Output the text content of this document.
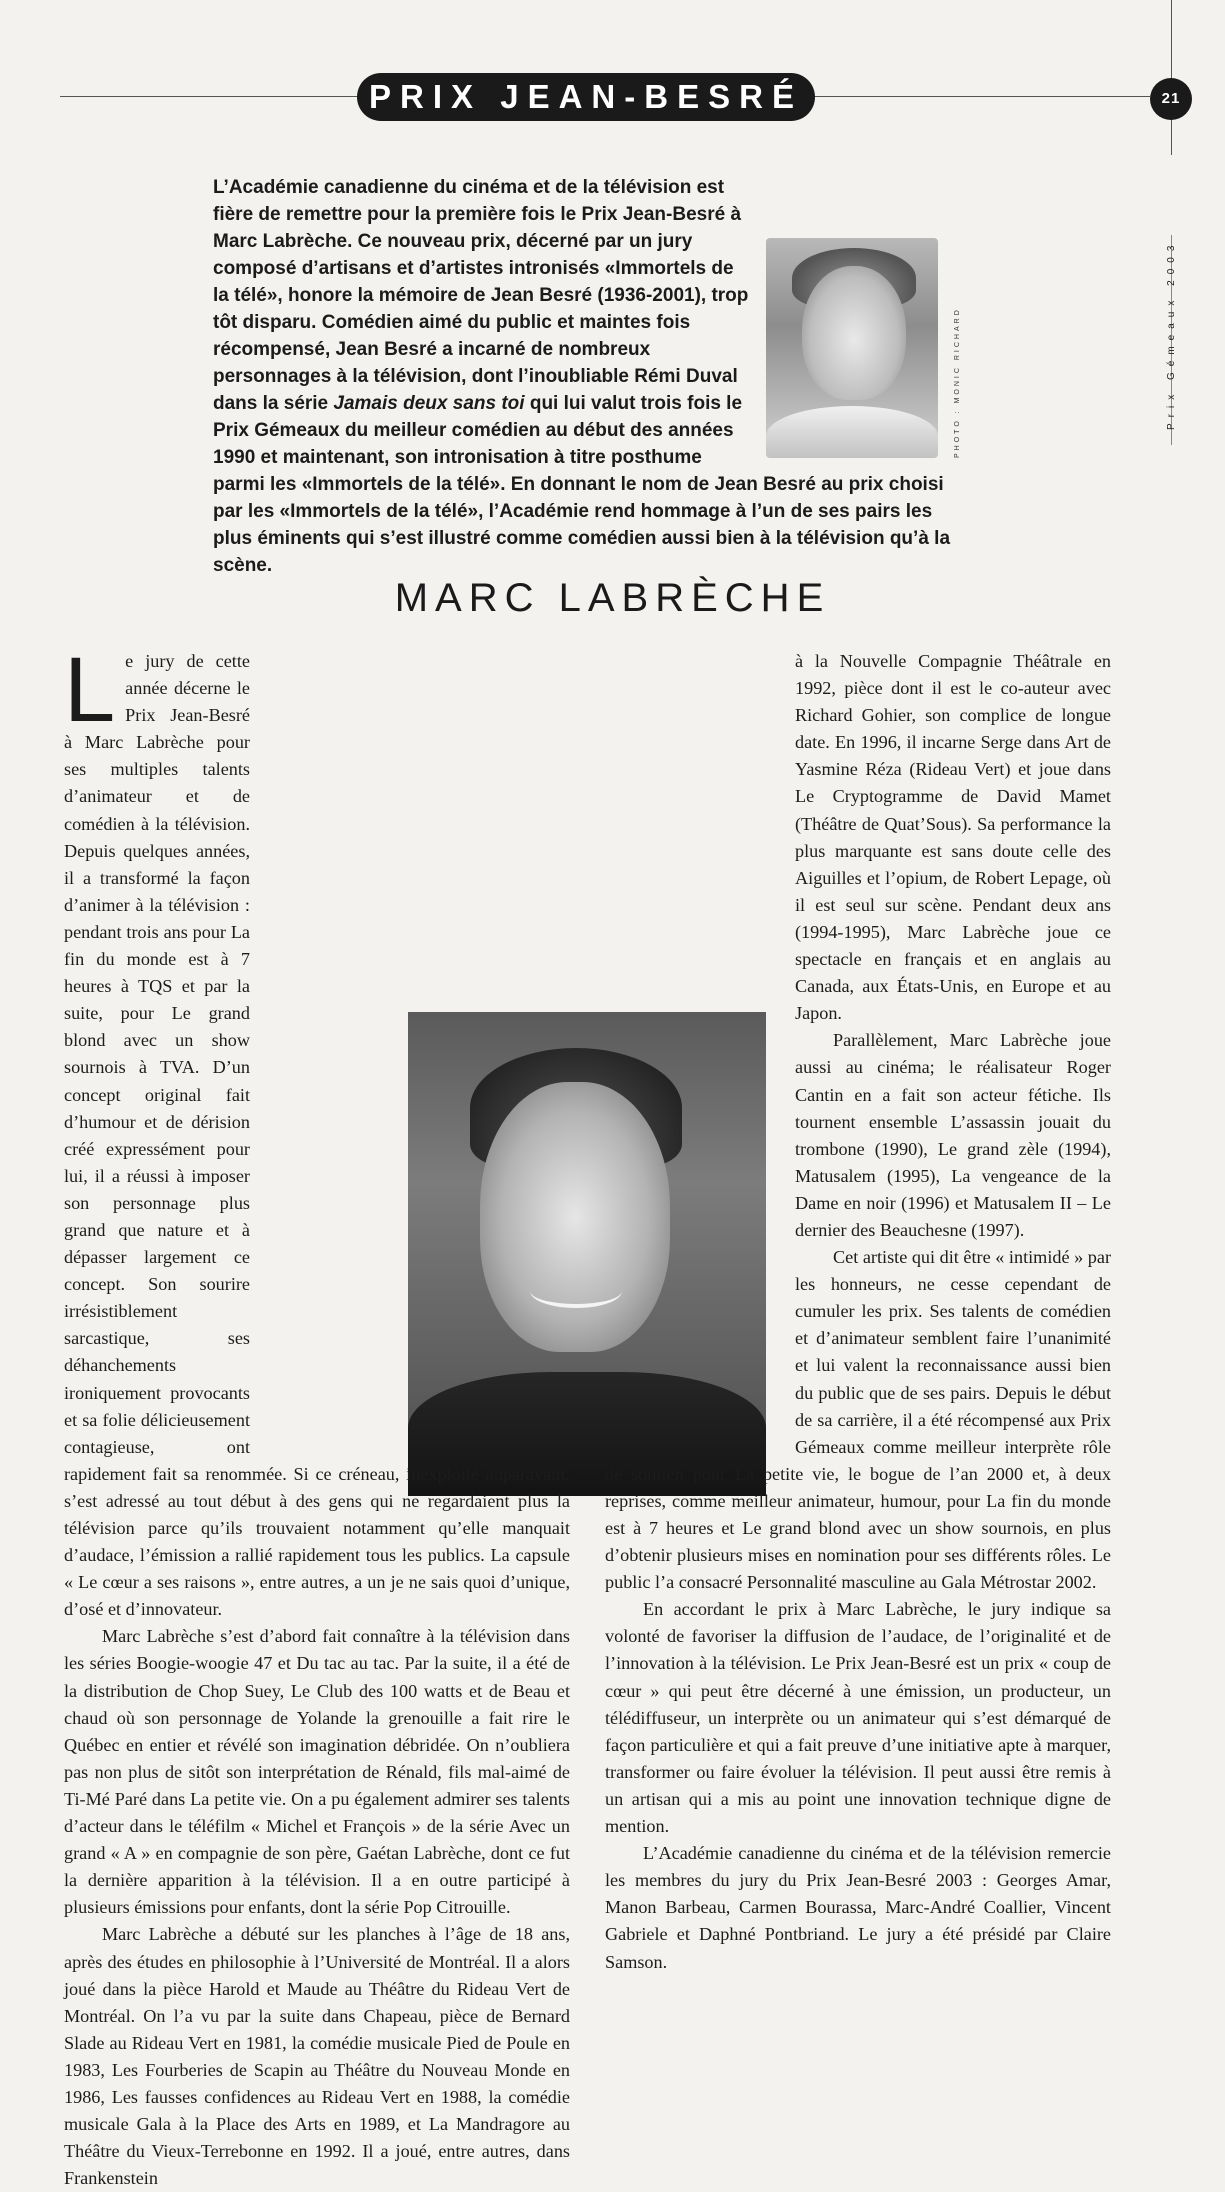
PRIX JEAN-BESRÉ	21
Prix Gémeaux 2003
PHOTO : MONIC RICHARD
L’Académie canadienne du cinéma et de la télévision est fière de remettre pour la première fois le Prix Jean-Besré à Marc Labrèche. Ce nouveau prix, décerné par un jury composé d’artisans et d’artistes intronisés «Immortels de la télé», honore la mémoire de Jean Besré (1936-2001), trop tôt disparu. Comédien aimé du public et maintes fois récompensé, Jean Besré a incarné de nombreux personnages à la télévision, dont l’inoubliable Rémi Duval dans la série Jamais deux sans toi qui lui valut trois fois le Prix Gémeaux du meilleur comédien au début des années 1990 et maintenant, son intronisation à titre posthume parmi les «Immortels de la télé». En donnant le nom de Jean Besré au prix choisi par les «Immortels de la télé», l’Académie rend hommage à l’un de ses pairs les plus éminents qui s’est illustré comme comédien aussi bien à la télévision qu’à la scène.
MARC LABRÈCHE

Le jury de cette année décerne le Prix Jean-Besré à Marc Labrèche pour ses multiples talents d’animateur et de comédien à la télévision. Depuis quelques années, il a transformé la façon d’animer à la télévision : pendant trois ans pour La fin du monde est à 7 heures à TQS et par la suite, pour Le grand blond avec un show sournois à TVA. D’un concept original fait d’humour et de dérision créé expressément pour lui, il a réussi à imposer son personnage plus grand que nature et à dépasser largement ce concept. Son sourire irrésistiblement sarcastique, ses déhanchements ironiquement provocants et sa folie délicieusement contagieuse, ont rapidement fait sa renommée. Si ce créneau, inexploité auparavant, s’est adressé au tout début à des gens qui ne regardaient plus la télévision parce qu’ils trouvaient notamment qu’elle manquait d’audace, l’émission a rallié rapidement tous les publics. La capsule « Le cœur a ses raisons », entre autres, a un je ne sais quoi d’unique, d’osé et d’innovateur.

Marc Labrèche s’est d’abord fait connaître à la télévision dans les séries Boogie-woogie 47 et Du tac au tac. Par la suite, il a été de la distribution de Chop Suey, Le Club des 100 watts et de Beau et chaud où son personnage de Yolande la grenouille a fait rire le Québec en entier et révélé son imagination débridée. On n’oubliera pas non plus de sitôt son interprétation de Rénald, fils mal-aimé de Ti-Mé Paré dans La petite vie. On a pu également admirer ses talents d’acteur dans le téléfilm « Michel et François » de la série Avec un grand « A » en compagnie de son père, Gaétan Labrèche, dont ce fut la dernière apparition à la télévision. Il a en outre participé à plusieurs émissions pour enfants, dont la série Pop Citrouille.

Marc Labrèche a débuté sur les planches à l’âge de 18 ans, après des études en philosophie à l’Université de Montréal. Il a alors joué dans la pièce Harold et Maude au Théâtre du Rideau Vert de Montréal. On l’a vu par la suite dans Chapeau, pièce de Bernard Slade au Rideau Vert en 1981, la comédie musicale Pied de Poule en 1983, Les Fourberies de Scapin au Théâtre du Nouveau Monde en 1986, Les fausses confidences au Rideau Vert en 1988, la comédie musicale Gala à la Place des Arts en 1989, et La Mandragore au Théâtre du Vieux-Terrebonne en 1992. Il a joué, entre autres, dans Frankenstein

à la Nouvelle Compagnie Théâtrale en 1992, pièce dont il est le co-auteur avec Richard Gohier, son complice de longue date. En 1996, il incarne Serge dans Art de Yasmine Réza (Rideau Vert) et joue dans Le Cryptogramme de David Mamet (Théâtre de Quat’Sous). Sa performance la plus marquante est sans doute celle des Aiguilles et l’opium, de Robert Lepage, où il est seul sur scène. Pendant deux ans (1994-1995), Marc Labrèche joue ce spectacle en français et en anglais au Canada, aux États-Unis, en Europe et au Japon.

Parallèlement, Marc Labrèche joue aussi au cinéma; le réalisateur Roger Cantin en a fait son acteur fétiche. Ils tournent ensemble L’assassin jouait du trombone (1990), Le grand zèle (1994), Matusalem (1995), La vengeance de la Dame en noir (1996) et Matusalem II – Le dernier des Beauchesne (1997).

Cet artiste qui dit être « intimidé » par les honneurs, ne cesse cependant de cumuler les prix. Ses talents de comédien et d’animateur semblent faire l’unanimité et lui valent la reconnaissance aussi bien du public que de ses pairs. Depuis le début de sa carrière, il a été récompensé aux Prix Gémeaux comme meilleur interprète rôle de soutien pour La petite vie, le bogue de l’an 2000 et, à deux reprises, comme meilleur animateur, humour, pour La fin du monde est à 7 heures et Le grand blond avec un show sournois, en plus d’obtenir plusieurs mises en nomination pour ses différents rôles. Le public l’a consacré Personnalité masculine au Gala Métrostar 2002.

En accordant le prix à Marc Labrèche, le jury indique sa volonté de favoriser la diffusion de l’audace, de l’originalité et de l’innovation à la télévision. Le Prix Jean-Besré est un prix « coup de cœur » qui peut être décerné à une émission, un producteur, un télédiffuseur, un interprète ou un animateur qui s’est démarqué de façon particulière et qui a fait preuve d’une initiative apte à marquer, transformer ou faire évoluer la télévision. Il peut aussi être remis à un artisan qui a mis au point une innovation technique digne de mention.

L’Académie canadienne du cinéma et de la télévision remercie les membres du jury du Prix Jean-Besré 2003 : Georges Amar, Manon Barbeau, Carmen Bourassa, Marc-André Coallier, Vincent Gabriele et Daphné Pontbriand. Le jury a été présidé par Claire Samson.
